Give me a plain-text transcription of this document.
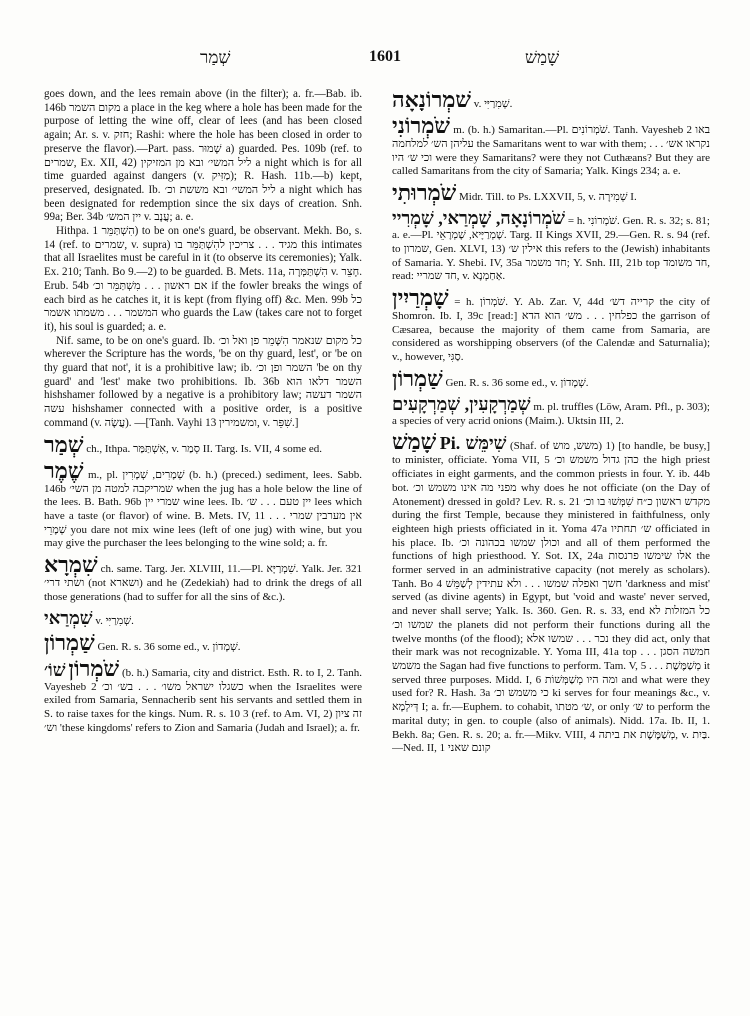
שְׁמַר	1601	שָׁמַשׁ

goes down, and the lees remain above (in the filter); a. fr.—Bab. ib. 146b מקום השמר a place in the keg where a hole has been made for the purpose of letting the wine off, clear of lees (and has been closed again; Ar. s. v. חזק; Rashi: where the hole has been closed in order to preserve the flavor).—Part. pass. שָׁמוּר a) guarded. Pes. 109b (ref. to שמרים, Ex. XII, 42) ליל המשי׳ ובא מן המזיקין a night which is for all time guarded against dangers (v. מַזִּיק); R. Hash. 11b.—b) kept, preserved, designated. Ib. ליל המשי׳ ובא מששת וכ׳ a night which has been designated for redemption since the six days of creation. Snh. 99a; Ber. 34b יין המש׳ v. עֲנָב; a. e.

Hithpa. הִשְׁתַּמֵּר 1) to be on one's guard, be observant. Mekh. Bo, s. 14 (ref. to שמרים, v. supra) מגיד . . . צריכין להִשְׁתַּמֵּר בו this intimates that all Israelites must be careful in it (to observe its ceremonies); Yalk. Ex. 210; Tanh. Bo 9.—2) to be guarded. B. Mets. 11a, הִשְׁתַּמְּרָה v. חָצֵר. Erub. 54b אם ראשון . . . מִשְׁתַּמֵּר וכ׳ if the fowler breaks the wings of each bird as he catches it, it is kept (from flying off) &c. Men. 99b כל המשמר . . . משמתו אשמר who guards the Law (takes care not to forget it), his soul is guarded; a. e.

Nif. same, to be on one's guard. Ib. כל מקום שנאמר הִשָּׁמֵר פן ואל וכ׳ wherever the Scripture has the words, 'be on thy guard, lest', or 'be on thy guard that not', it is a prohibitive law; ib. השמר ופן וכ׳ 'be on thy guard' and 'lest' make two prohibitions. Ib. 36b השמר דלאו הוא hishshamer followed by a negative is a prohibitory law; השמר דעשה עשה hishshamer connected with a positive order, is a positive command (v. עֲשָׂה). —[Tanh. Vayhi 13 ומשמירין, v. שִׁפֵּר.]

שְׁמַר ch., Ithpa. אִשְׁתַּמַּר, v. סְמַר II. Targ. Is. VII, 4 some ed.

שֶׁמֶר m., pl. שְׁמָרִים, שְׁמָרִין (b. h.) (preced.) sediment, lees. Sabb. 146b שמריקבה למטה מן השי׳ when the jug has a hole below the line of the lees. B. Bath. 96b שמרי יין wine lees. Ib. יין טעם . . . ש׳ lees which have a taste (or flavor) of wine. B. Mets. IV, 11 אין מערבין שמרי . . . שְׁמָרֵי you dare not mix wine lees (left of one jug) with wine, but you may give the purchaser the lees belonging to the wine sold; a. fr.

שִׁמְרָא ch. same. Targ. Jer. XLVIII, 11.—Pl. שִׁמְרַיָּא. Yalk. Jer. 321 ושתי דרי׳ (not ושארא) and he (Zedekiah) had to drink the dregs of all those generations (had to suffer for all the sins of &c.).

שִׁמְרַאי v. שְׁמִרַיִּי.

שַׁמְרוֹן Gen. R. s. 36 some ed., v. שְׁמָדוֹן.

שֹׁמְרוֹן שׁוֹ׳	(b. h.) Samaria, city and district. Esth. R. to I, 2. Tanh. Vayesheb 2 כשגלו ישראל משו׳ . . . בש׳ וכ׳ when the Israelites were exiled from Samaria, Sennacherib sent his servants and settled them in S. to raise taxes for the kings. Num. R. s. 10 3 (ref. to Am. VI, 2) זה ציון וש׳ 'these kingdoms' refers to Zion and Samaria (Judah and Israel); a. fr.

שׁמְרוֹנָאָה v. שְׁמִרַיִּי.

שֹׁמְרוֹנִי m. (b. h.) Samaritan.—Pl. שֹׁמְרוֹנִים. Tanh. Vayesheb 2 באו עליהן הש׳ למלחמה the Samaritans went to war with them; נקראו אש׳ . . . וכי ש׳ היו were they Samaritans? were they not Cuthæans? But they are called Samaritans from the city of Samaria; Yalk. Kings 234; a. e.

שֹׁמְרוּתִי Midr. Till. to Ps. LXXVII, 5, v. שְׁמִירָה I.

שֹׁמְרוֹנָאָה, שָׁמְרַאי, שָׁמְרִיי = h. שֹׁמְרוֹנִי. Gen. R. s. 32; s. 81; a. e.—Pl. שָׁמְרַיָּיא, שָׁמְרָאֵי. Targ. II Kings XVII, 29.—Gen. R. s. 94 (ref. to שמרון, Gen. XLVI, 13) אילין ש׳ this refers to the (Jewish) inhabitants of Samaria. Y. Shebi. IV, 35a חד משמר; Y. Snh. III, 21b top חד משומד, read: חד שמריי, v. אַחַמְנָא.

שָׁמְרַיִין = h. שֹׁמְרוֹן. Y. Ab. Zar. V, 44d קרייה דש׳ the city of Shomron. Ib. I, 39c [read:] כפלחין . . . מש׳ הוא הדא the garrison of Cæsarea, because the majority of them came from Samaria, are considered as worshipping observers (of the Calendæ and Saturnalia); v., however, סַגִּי.

שַׁמְרוֹן Gen. R. s. 36 some ed., v. שְׁמָדוֹן.

שְׁמַרְקָעִין, שְׁמַרְקָעִים m. pl. truffles (Löw, Aram. Pfl., p. 303); a species of very acrid onions (Maim.). Uktsin III, 2.

שָׁמַשׁ Pi. שִׁימֵּשׁ (Shaf. of משש, מוש) 1) [to handle, be busy,] to minister, officiate. Yoma VII, 5 כהן גדול משמש וכ׳ the high priest officiates in eight garments, and the common priests in four. Y. ib. 44b bot. מפני מה אינו משמש וכ׳ why does he not officiate (on the Day of Atonement) dressed in gold? Lev. R. s. 21 מקדש ראשון כ״ח שִׁמְּשׁוּ בו וכ׳ during the first Temple, because they ministered in faithfulness, only eighteen high priests officiated in it. Yoma 47a ש׳ תחתיו officiated in his place. Ib. וכולן שמשו בכהונה וכ׳ and all of them performed the functions of high priesthood. Y. Sot. IX, 24a אלו שימשו פרנסות the former served in an administrative capacity (not merely as scholars). Tanh. Bo 4 חשך ואפלה שמשו . . . ולא עתידין לְשַׁמֵּשׁ 'darkness and mist' served (as divine agents) in Egypt, but 'void and waste' never served, and never shall serve; Yalk. Is. 360. Gen. R. s. 33, end כל המזלות לא שמשו וכ׳ the planets did not perform their functions during all the twelve months (of the flood); נכר . . . שמשו אלא they did act, only that their mark was not recognizable. Y. Yoma III, 41a top . . . חמשה הסגן משמש the Sagan had five functions to perform. Tam. V, 5 . . . מְשַׁמֶּשֶׁת it served three purposes. Midd. I, 6 ומה היו מְשַׁמְּשׁוֹת and what were they used for? R. Hash. 3a כי משמש וכ׳ ki serves for four meanings &c., v. דְּילְמָא I; a. fr.—Euphem. to cohabit, ש׳ מטתו, or only ש׳ to perform the marital duty; in gen. to couple (also of animals). Nidd. 17a. Ib. II, 1. Bekh. 8a; Gen. R. s. 20; a. fr.—Mikv. VIII, 4 מְשַׁמֶּשֶׁת את ביתה, v. בַּיִת.—Ned. II, 1 קונם שאני
